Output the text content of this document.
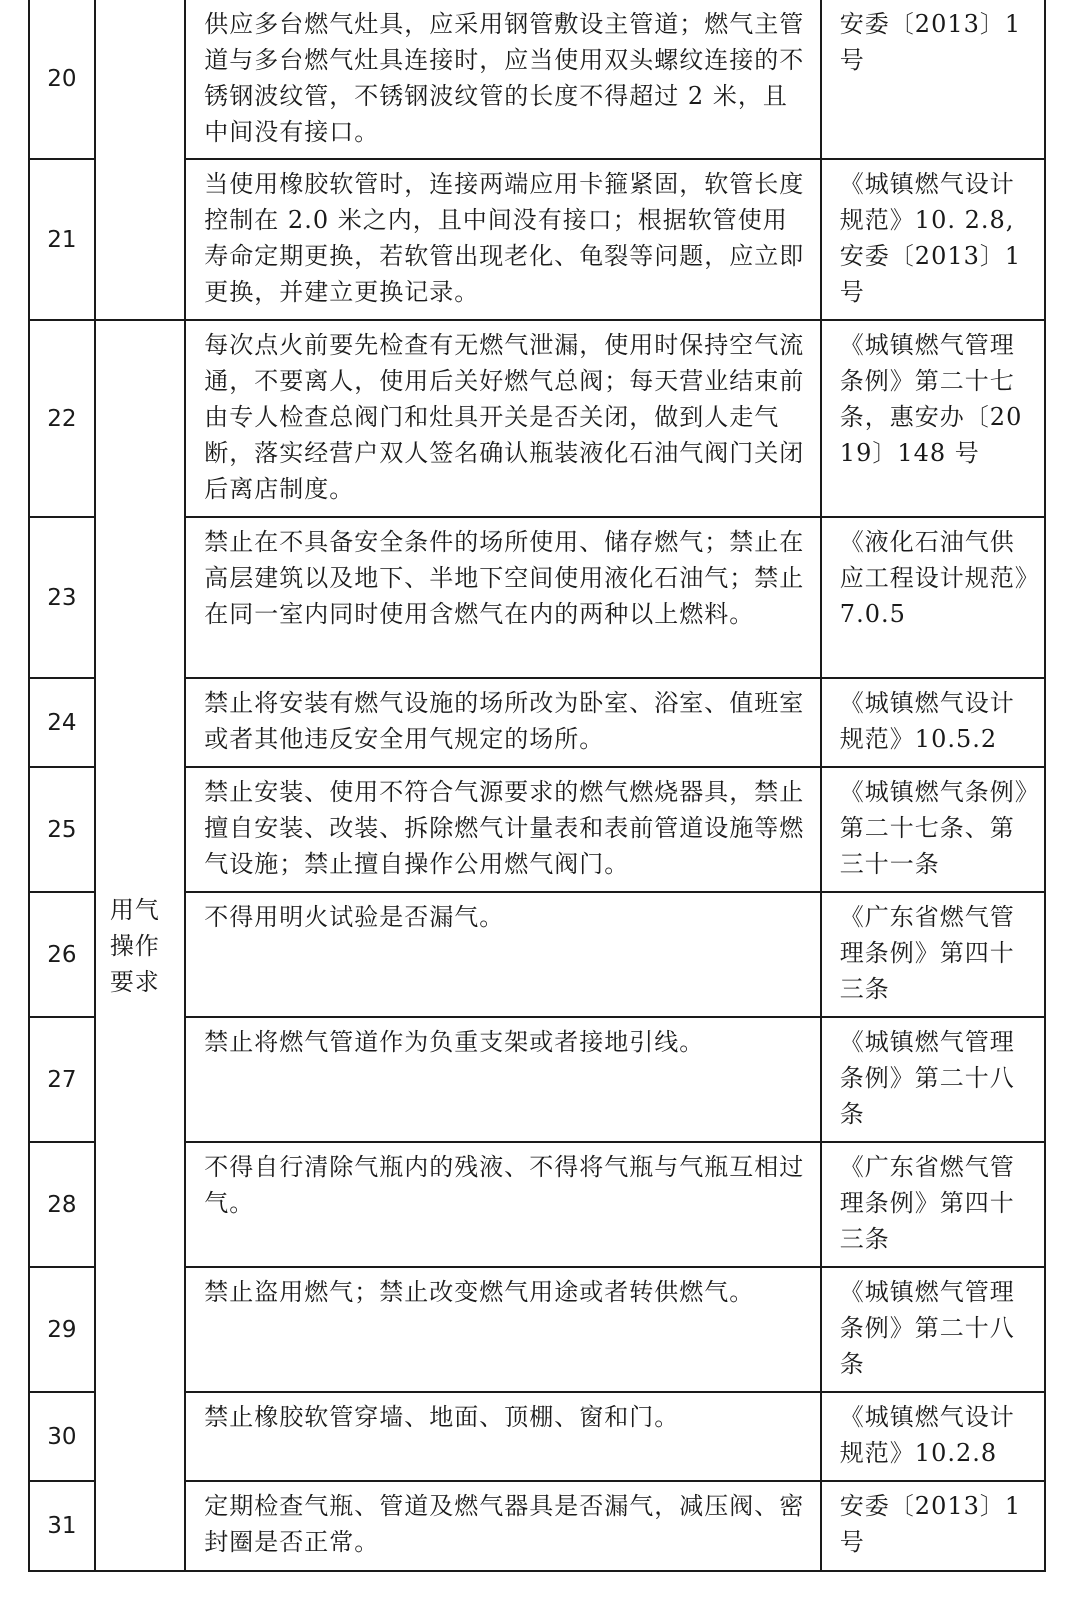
20		供应多台燃气灶具，应采用钢管敷设主管道；燃气主管道与多台燃气灶具连接时，应当使用双头螺纹连接的不锈钢波纹管，不锈钢波纹管的长度不得超过 2 米，且中间没有接口。	安委〔2013〕1号
21		当使用橡胶软管时，连接两端应用卡箍紧固，软管长度控制在 2.0 米之内，且中间没有接口；根据软管使用寿命定期更换，若软管出现老化、龟裂等问题，应立即更换，并建立更换记录。	《城镇燃气设计规范》10. 2.8,安委〔2013〕1号
22	用气操作要求	每次点火前要先检查有无燃气泄漏，使用时保持空气流通，不要离人，使用后关好燃气总阀；每天营业结束前由专人检查总阀门和灶具开关是否关闭，做到人走气断，落实经营户双人签名确认瓶装液化石油气阀门关闭后离店制度。	《城镇燃气管理条例》第二十七条，惠安办〔2019〕148 号
23		禁止在不具备安全条件的场所使用、储存燃气；禁止在高层建筑以及地下、半地下空间使用液化石油气；禁止在同一室内同时使用含燃气在内的两种以上燃料。	《液化石油气供应工程设计规范》7.0.5
24		禁止将安装有燃气设施的场所改为卧室、浴室、值班室或者其他违反安全用气规定的场所。	《城镇燃气设计规范》10.5.2
25		禁止安装、使用不符合气源要求的燃气燃烧器具，禁止擅自安装、改装、拆除燃气计量表和表前管道设施等燃气设施；禁止擅自操作公用燃气阀门。	《城镇燃气条例》第二十七条、第三十一条
26		不得用明火试验是否漏气。	《广东省燃气管理条例》第四十三条
27		禁止将燃气管道作为负重支架或者接地引线。	《城镇燃气管理条例》第二十八条
28		不得自行清除气瓶内的残液、不得将气瓶与气瓶互相过气。	《广东省燃气管理条例》第四十三条
29		禁止盗用燃气；禁止改变燃气用途或者转供燃气。	《城镇燃气管理条例》第二十八条
30		禁止橡胶软管穿墙、地面、顶棚、窗和门。	《城镇燃气设计规范》10.2.8
31		定期检查气瓶、管道及燃气器具是否漏气，减压阀、密封圈是否正常。	安委〔2013〕1号
